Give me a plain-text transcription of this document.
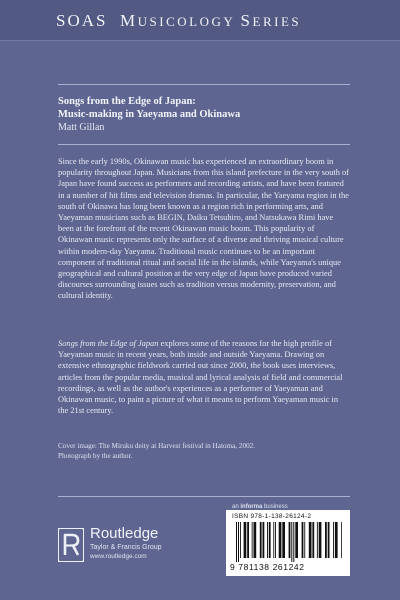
SOAS MUSICOLOGY SERIES
Songs from the Edge of Japan:
Music-making in Yaeyama and Okinawa
Matt Gillan
Since the early 1990s, Okinawan music has experienced an extraordinary boom in popularity throughout Japan. Musicians from this island prefecture in the very south of Japan have found success as performers and recording artists, and have been featured in a number of hit films and television dramas. In particular, the Yaeyama region in the south of Okinawa has long been known as a region rich in performing arts, and Yaeyaman musicians such as BEGIN, Daiku Tetsuhiro, and Natsukawa Rimi have been at the forefront of the recent Okinawan music boom. This popularity of Okinawan music represents only the surface of a diverse and thriving musical culture within modern-day Yaeyama. Traditional music continues to be an important component of traditional ritual and social life in the islands, while Yaeyama's unique geographical and cultural position at the very edge of Japan have produced varied discourses surrounding issues such as tradition versus modernity, preservation, and cultural identity.
Songs from the Edge of Japan explores some of the reasons for the high profile of Yaeyaman music in recent years, both inside and outside Yaeyama. Drawing on extensive ethnographic fieldwork carried out since 2000, the book uses interviews, articles from the popular media, musical and lyrical analysis of field and commercial recordings, as well as the author's experiences as a performer of Yaeyaman and Okinawan music, to paint a picture of what it means to perform Yaeyaman music in the 21st century.
Cover image: The Miruku deity at Harvest festival in Hatoma, 2002.
Photograph by the author.
an informa business
ISBN 978-1-138-26124-2
9 781138 261242
Routledge
Taylor & Francis Group
www.routledge.com
